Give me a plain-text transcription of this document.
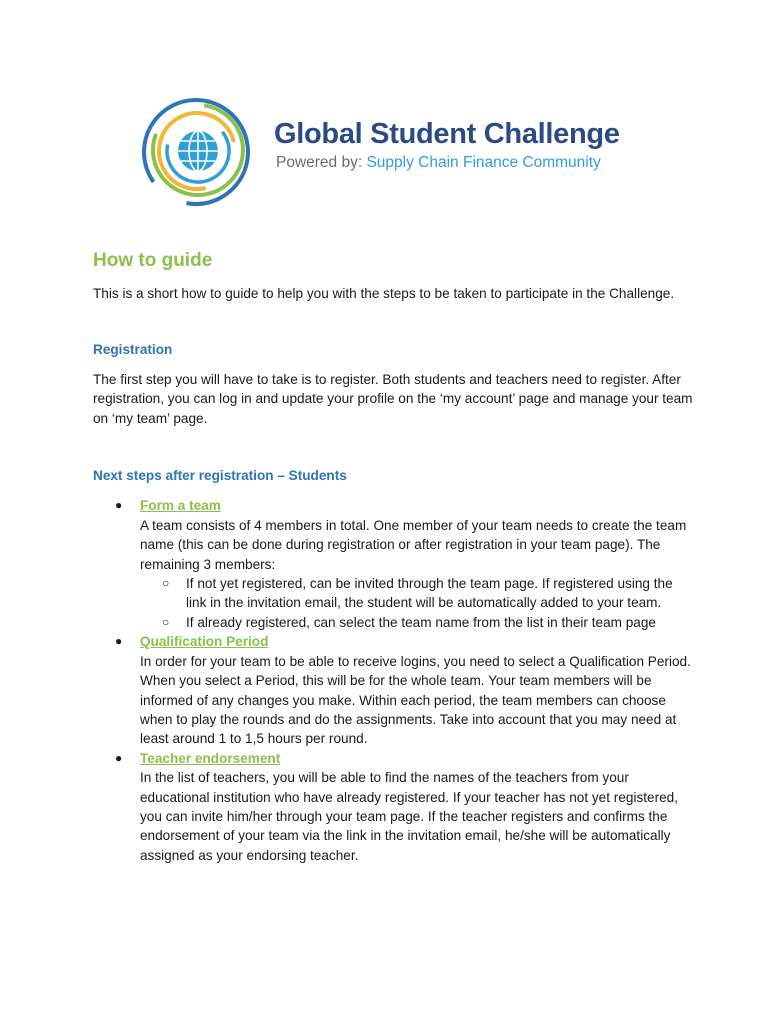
Global Student Challenge
Powered by: Supply Chain Finance Community
How to guide

This is a short how to guide to help you with the steps to be taken to participate in the Challenge.

Registration

The first step you will have to take is to register. Both students and teachers need to register. After registration, you can log in and update your profile on the ‘my account’ page and manage your team on ‘my team’ page.

Next steps after registration – Students
● Form a team
A team consists of 4 members in total. One member of your team needs to create the team name (this can be done during registration or after registration in your team page). The remaining 3 members:
○ If not yet registered, can be invited through the team page. If registered using the link in the invitation email, the student will be automatically added to your team.
○ If already registered, can select the team name from the list in their team page
● Qualification Period
In order for your team to be able to receive logins, you need to select a Qualification Period. When you select a Period, this will be for the whole team. Your team members will be informed of any changes you make. Within each period, the team members can choose when to play the rounds and do the assignments. Take into account that you may need at least around 1 to 1,5 hours per round.
● Teacher endorsement
In the list of teachers, you will be able to find the names of the teachers from your educational institution who have already registered. If your teacher has not yet registered, you can invite him/her through your team page. If the teacher registers and confirms the endorsement of your team via the link in the invitation email, he/she will be automatically assigned as your endorsing teacher.
